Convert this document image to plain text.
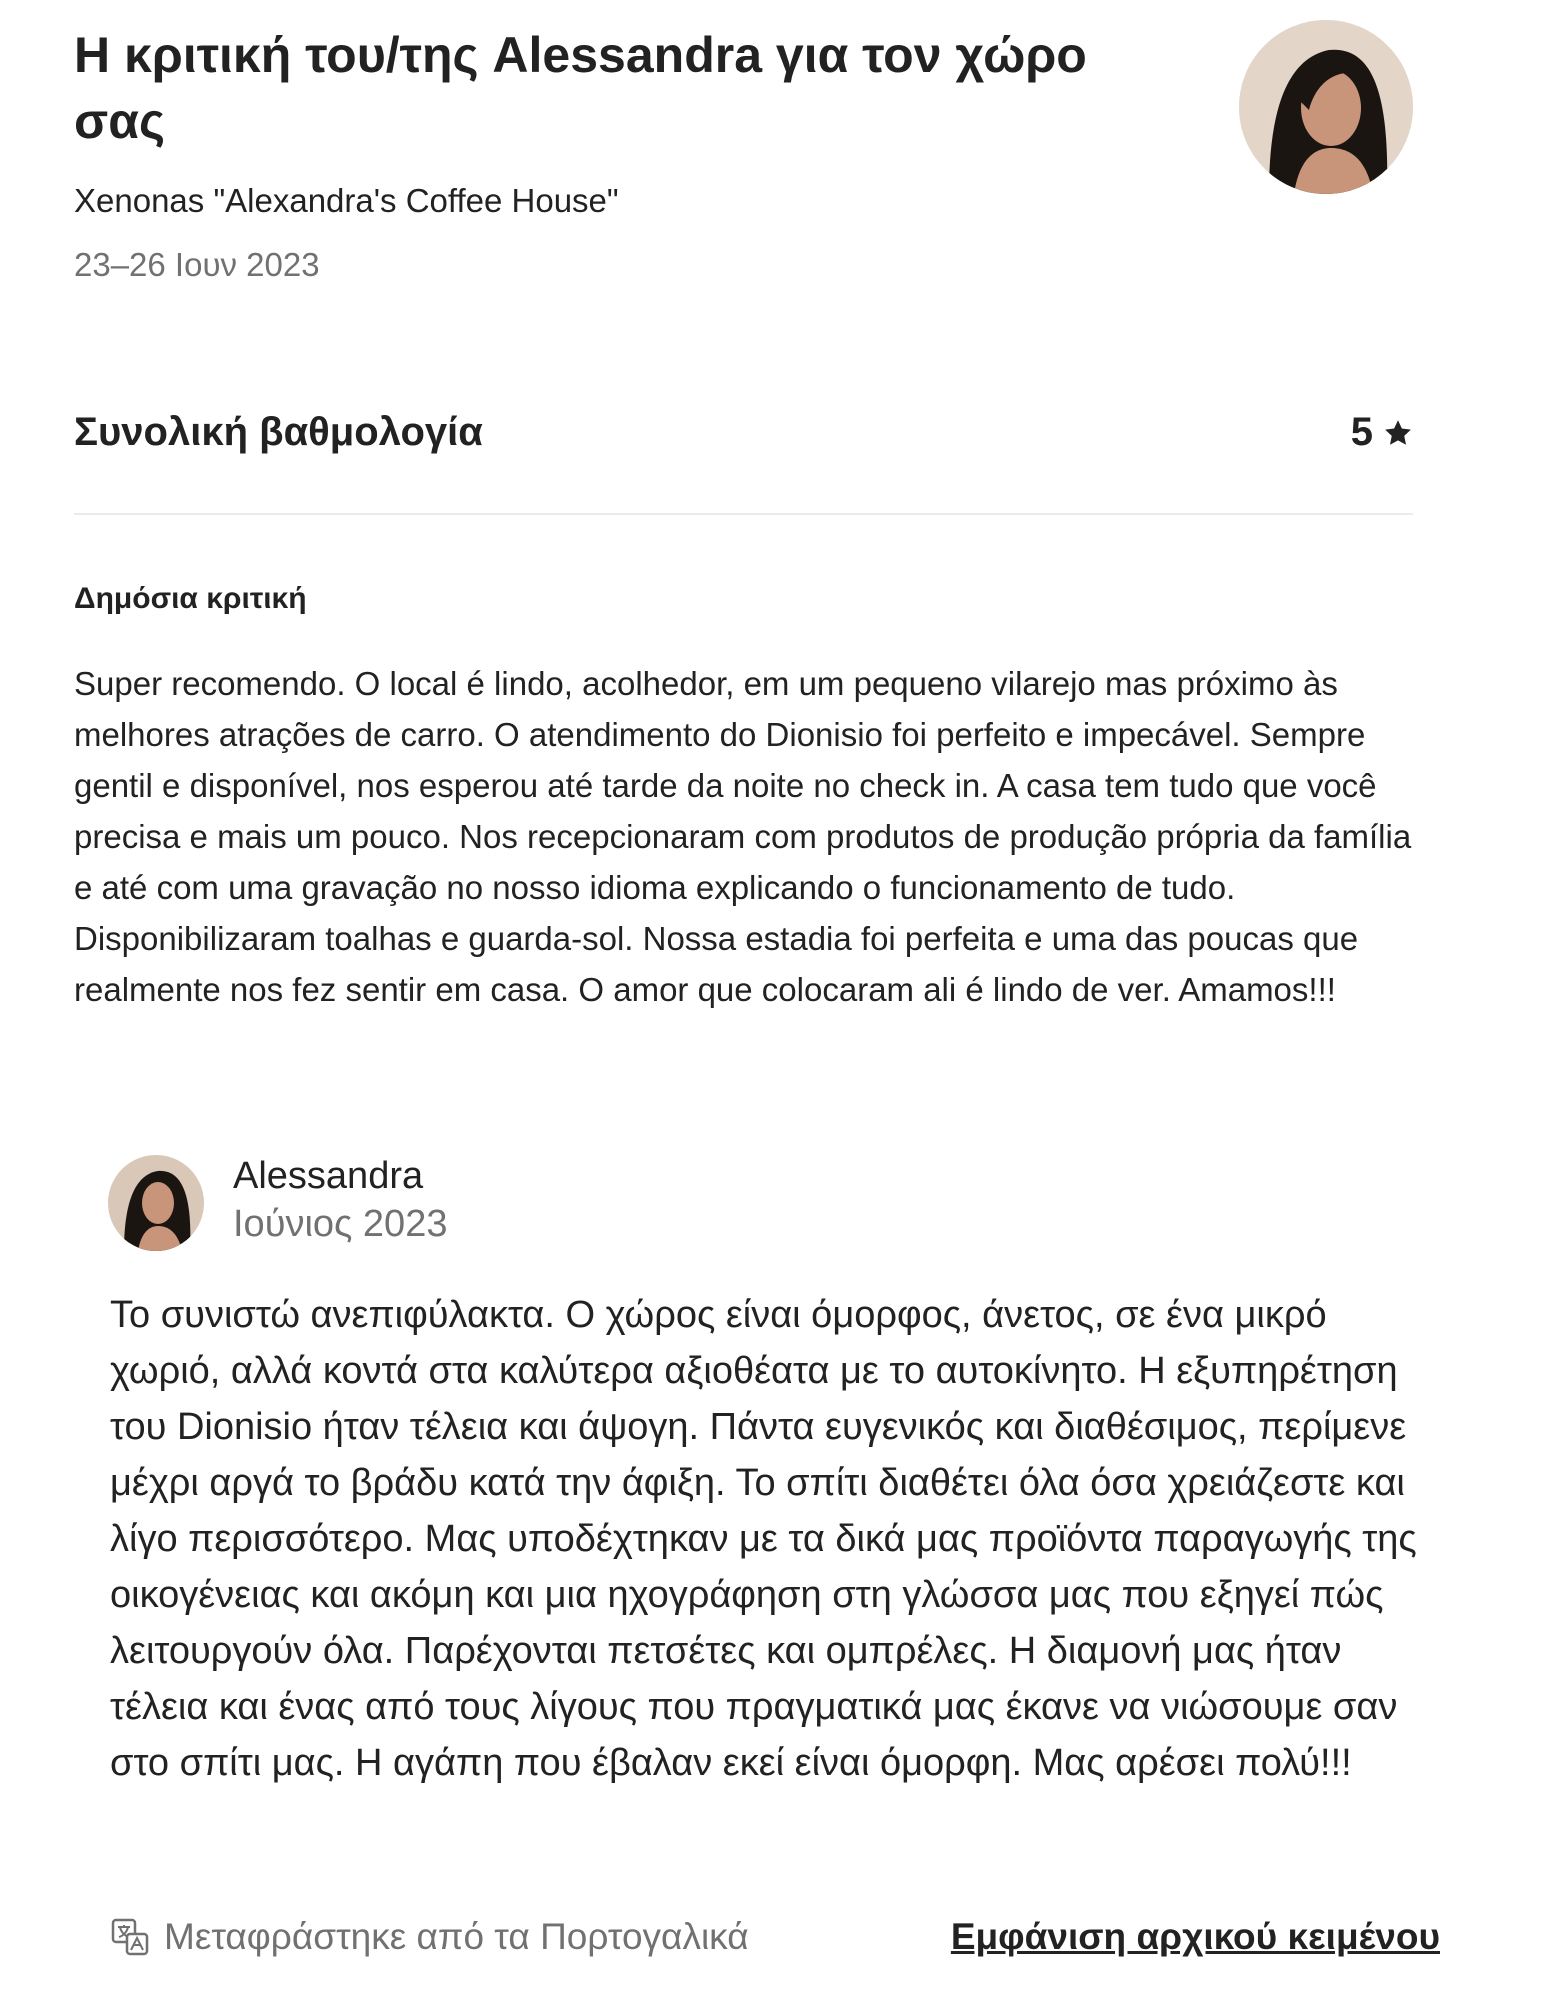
Η κριτική του/της Alessandra για τον χώρο σας
Xenonas "Alexandra's Coffee House"
23–26 Ιουν 2023
Συνολική βαθμολογία	5
Δημόσια κριτική

Super recomendo. O local é lindo, acolhedor, em um pequeno vilarejo mas próximo às melhores atrações de carro. O atendimento do Dionisio foi perfeito e impecável. Sempre gentil e disponível, nos esperou até tarde da noite no check in. A casa tem tudo que você precisa e mais um pouco. Nos recepcionaram com produtos de produção própria da família e até com uma gravação no nosso idioma explicando o funcionamento de tudo. Disponibilizaram toalhas e guarda-sol. Nossa estadia foi perfeita e uma das poucas que realmente nos fez sentir em casa. O amor que colocaram ali é lindo de ver. Amamos!!!

Alessandra
Ιούνιος 2023

Το συνιστώ ανεπιφύλακτα. Ο χώρος είναι όμορφος, άνετος, σε ένα μικρό χωριό, αλλά κοντά στα καλύτερα αξιοθέατα με το αυτοκίνητο. Η εξυπηρέτηση του Dionisio ήταν τέλεια και άψογη. Πάντα ευγενικός και διαθέσιμος, περίμενε μέχρι αργά το βράδυ κατά την άφιξη. Το σπίτι διαθέτει όλα όσα χρειάζεστε και λίγο περισσότερο. Μας υποδέχτηκαν με τα δικά μας προϊόντα παραγωγής της οικογένειας και ακόμη και μια ηχογράφηση στη γλώσσα μας που εξηγεί πώς λειτουργούν όλα. Παρέχονται πετσέτες και ομπρέλες. Η διαμονή μας ήταν τέλεια και ένας από τους λίγους που πραγματικά μας έκανε να νιώσουμε σαν στο σπίτι μας. Η αγάπη που έβαλαν εκεί είναι όμορφη. Μας αρέσει πολύ!!!

Μεταφράστηκε από τα Πορτογαλικά	Εμφάνιση αρχικού κειμένου
